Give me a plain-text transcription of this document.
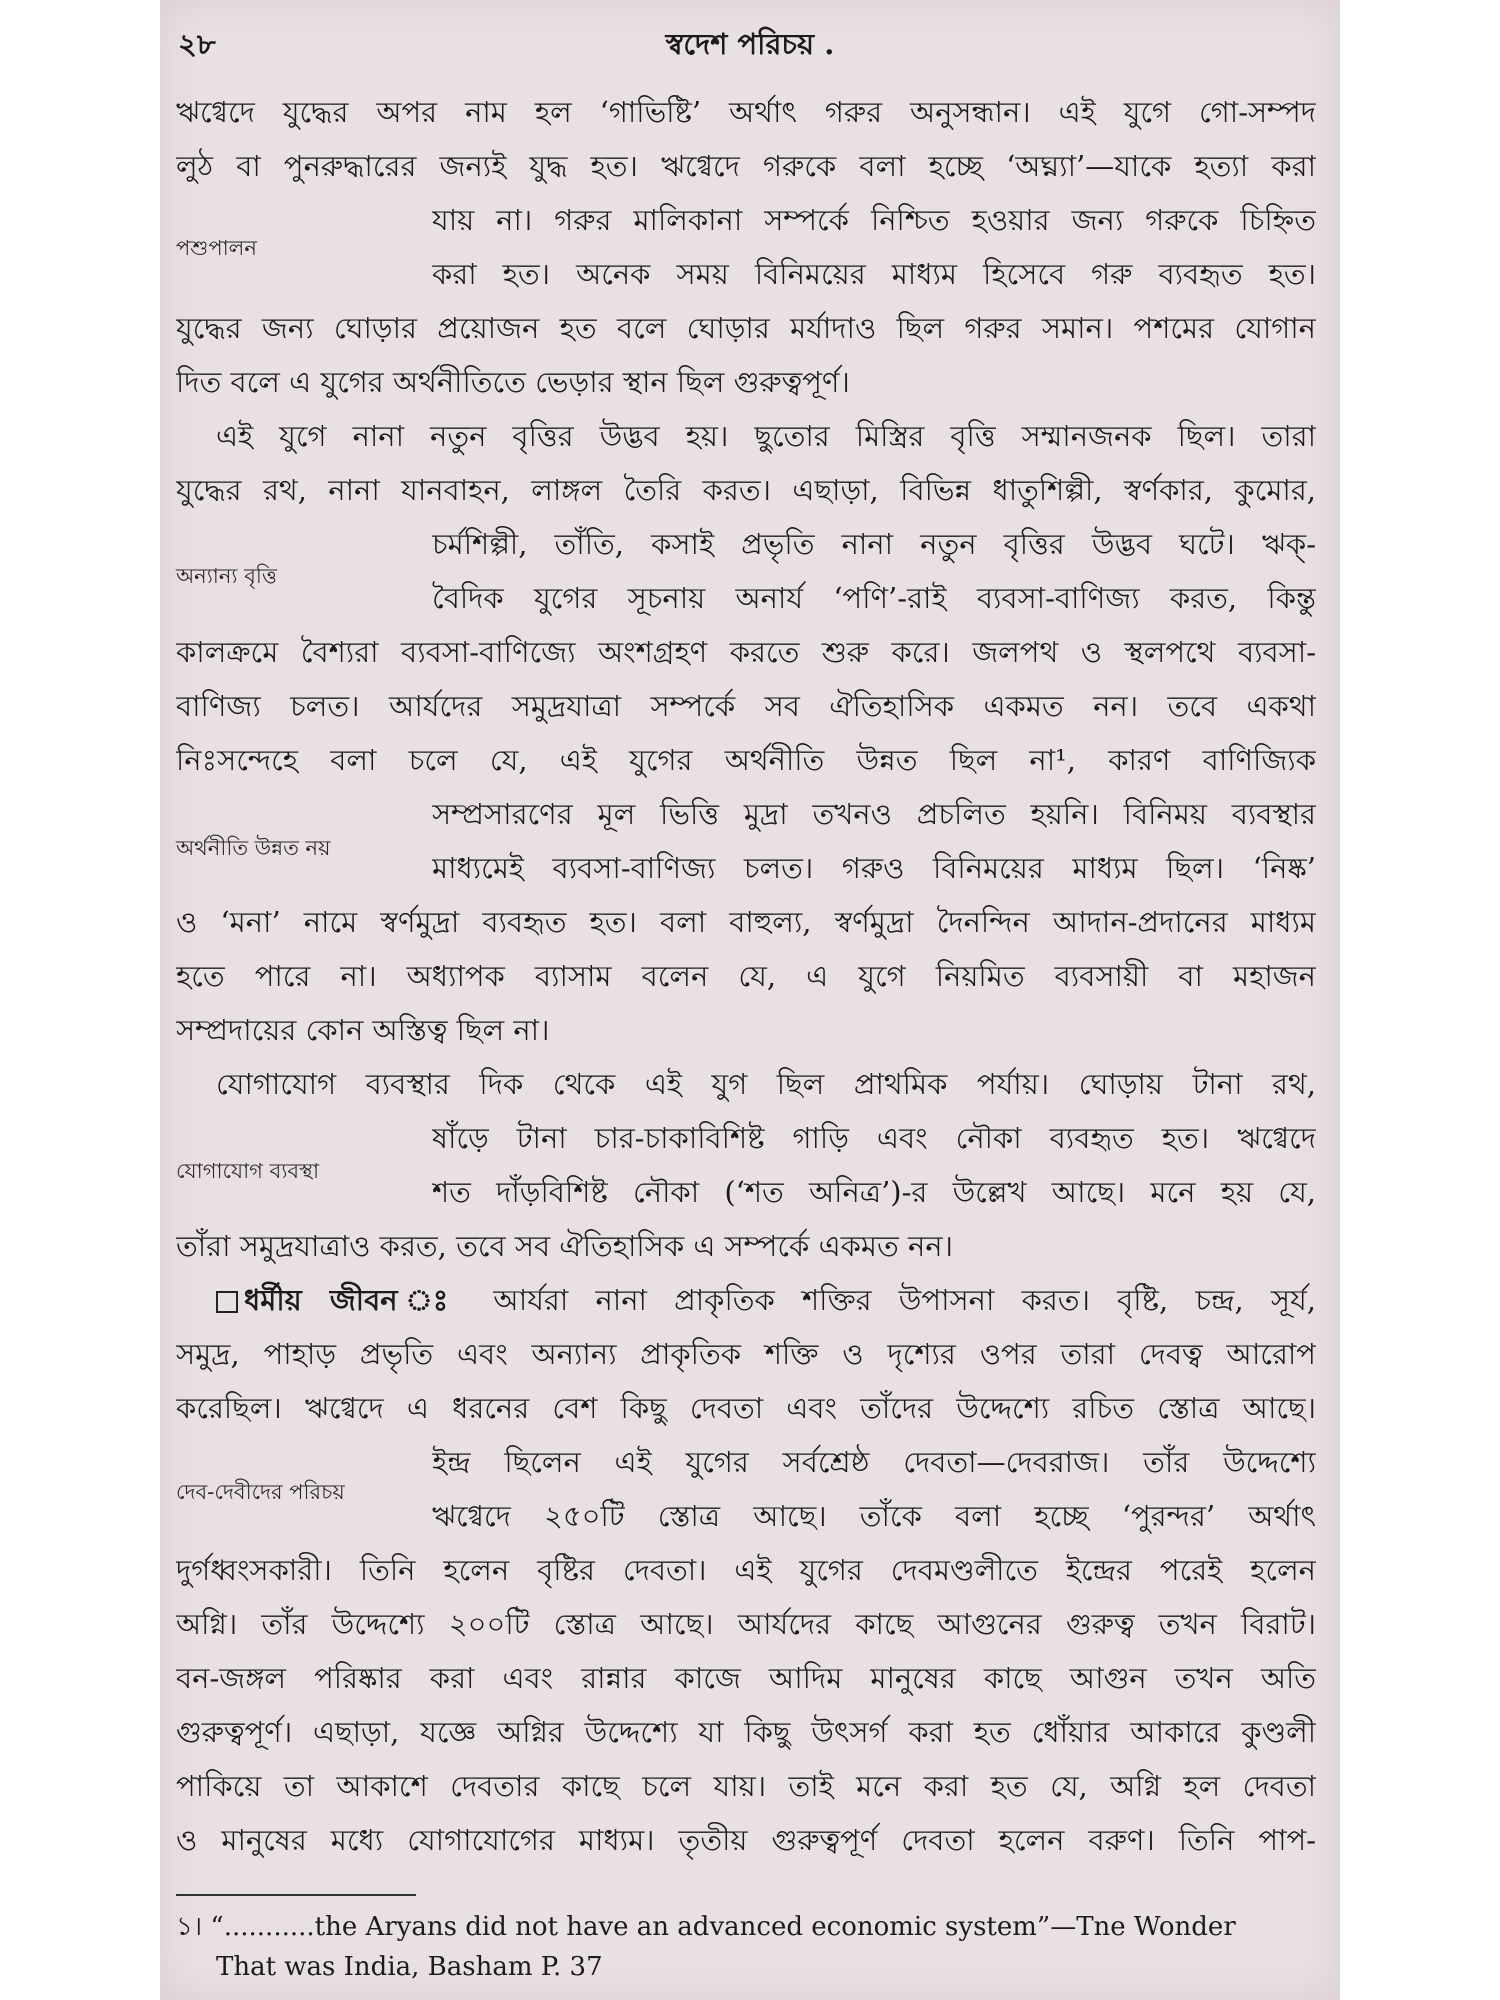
২৮	স্বদেশ পরিচয় .
পশুপালন
অন্যান্য বৃত্তি
অর্থনীতি উন্নত নয়
যোগাযোগ ব্যবস্থা
দেব-দেবীদের পরিচয়
ঋগ্বেদে যুদ্ধের অপর নাম হল ‘গাভিষ্টি’ অর্থাৎ গরুর অনুসন্ধান। এই যুগে গো-সম্পদ
লুঠ বা পুনরুদ্ধারের জন্যই যুদ্ধ হত। ঋগ্বেদে গরুকে বলা হচ্ছে ‘অঘ্ন্যা’—যাকে হত্যা করা
যায় না। গরুর মালিকানা সম্পর্কে নিশ্চিত হওয়ার জন্য গরুকে চিহ্নিত
করা হত। অনেক সময় বিনিময়ের মাধ্যম হিসেবে গরু ব্যবহৃত হত।
যুদ্ধের জন্য ঘোড়ার প্রয়োজন হত বলে ঘোড়ার মর্যাদাও ছিল গরুর সমান। পশমের যোগান
দিত বলে এ যুগের অর্থনীতিতে ভেড়ার স্থান ছিল গুরুত্বপূর্ণ।
এই যুগে নানা নতুন বৃত্তির উদ্ভব হয়। ছুতোর মিস্ত্রির বৃত্তি সম্মানজনক ছিল। তারা
যুদ্ধের রথ, নানা যানবাহন, লাঙ্গল তৈরি করত। এছাড়া, বিভিন্ন ধাতুশিল্পী, স্বর্ণকার, কুমোর,
চর্মশিল্পী, তাঁতি, কসাই প্রভৃতি নানা নতুন বৃত্তির উদ্ভব ঘটে। ঋক্-
বৈদিক যুগের সূচনায় অনার্য ‘পণি’-রাই ব্যবসা-বাণিজ্য করত, কিন্তু
কালক্রমে বৈশ্যরা ব্যবসা-বাণিজ্যে অংশগ্রহণ করতে শুরু করে। জলপথ ও স্থলপথে ব্যবসা-
বাণিজ্য চলত। আর্যদের সমুদ্রযাত্রা সম্পর্কে সব ঐতিহাসিক একমত নন। তবে একথা
নিঃসন্দেহে বলা চলে যে, এই যুগের অর্থনীতি উন্নত ছিল না¹, কারণ বাণিজ্যিক
সম্প্রসারণের মূল ভিত্তি মুদ্রা তখনও প্রচলিত হয়নি। বিনিময় ব্যবস্থার
মাধ্যমেই ব্যবসা-বাণিজ্য চলত। গরুও বিনিময়ের মাধ্যম ছিল। ‘নিষ্ক’
ও ‘মনা’ নামে স্বর্ণমুদ্রা ব্যবহৃত হত। বলা বাহুল্য, স্বর্ণমুদ্রা দৈনন্দিন আদান-প্রদানের মাধ্যম
হতে পারে না। অধ্যাপক ব্যাসাম বলেন যে, এ যুগে নিয়মিত ব্যবসায়ী বা মহাজন
সম্প্রদায়ের কোন অস্তিত্ব ছিল না।
যোগাযোগ ব্যবস্থার দিক থেকে এই যুগ ছিল প্রাথমিক পর্যায়। ঘোড়ায় টানা রথ,
ষাঁড়ে টানা চার-চাকাবিশিষ্ট গাড়ি এবং নৌকা ব্যবহৃত হত। ঋগ্বেদে
শত দাঁড়বিশিষ্ট নৌকা (‘শত অনিত্র’)-র উল্লেখ আছে। মনে হয় যে,
তাঁরা সমুদ্রযাত্রাও করত, তবে সব ঐতিহাসিক এ সম্পর্কে একমত নন।
ধর্মীয় জীবন ঃ আর্যরা নানা প্রাকৃতিক শক্তির উপাসনা করত। বৃষ্টি, চন্দ্র, সূর্য,
সমুদ্র, পাহাড় প্রভৃতি এবং অন্যান্য প্রাকৃতিক শক্তি ও দৃশ্যের ওপর তারা দেবত্ব আরোপ
করেছিল। ঋগ্বেদে এ ধরনের বেশ কিছু দেবতা এবং তাঁদের উদ্দেশ্যে রচিত স্তোত্র আছে।
ইন্দ্র ছিলেন এই যুগের সর্বশ্রেষ্ঠ দেবতা—দেবরাজ। তাঁর উদ্দেশ্যে
ঋগ্বেদে ২৫০টি স্তোত্র আছে। তাঁকে বলা হচ্ছে ‘পুরন্দর’ অর্থাৎ
দুর্গধ্বংসকারী। তিনি হলেন বৃষ্টির দেবতা। এই যুগের দেবমণ্ডলীতে ইন্দ্রের পরেই হলেন
অগ্নি। তাঁর উদ্দেশ্যে ২০০টি স্তোত্র আছে। আর্যদের কাছে আগুনের গুরুত্ব তখন বিরাট।
বন-জঙ্গল পরিষ্কার করা এবং রান্নার কাজে আদিম মানুষের কাছে আগুন তখন অতি
গুরুত্বপূর্ণ। এছাড়া, যজ্ঞে অগ্নির উদ্দেশ্যে যা কিছু উৎসর্গ করা হত ধোঁয়ার আকারে কুণ্ডলী
পাকিয়ে তা আকাশে দেবতার কাছে চলে যায়। তাই মনে করা হত যে, অগ্নি হল দেবতা
ও মানুষের মধ্যে যোগাযোগের মাধ্যম। তৃতীয় গুরুত্বপূর্ণ দেবতা হলেন বরুণ। তিনি পাপ-
১। “...........the Aryans did not have an advanced economic system”—Tne Wonder
That was India, Basham P. 37
